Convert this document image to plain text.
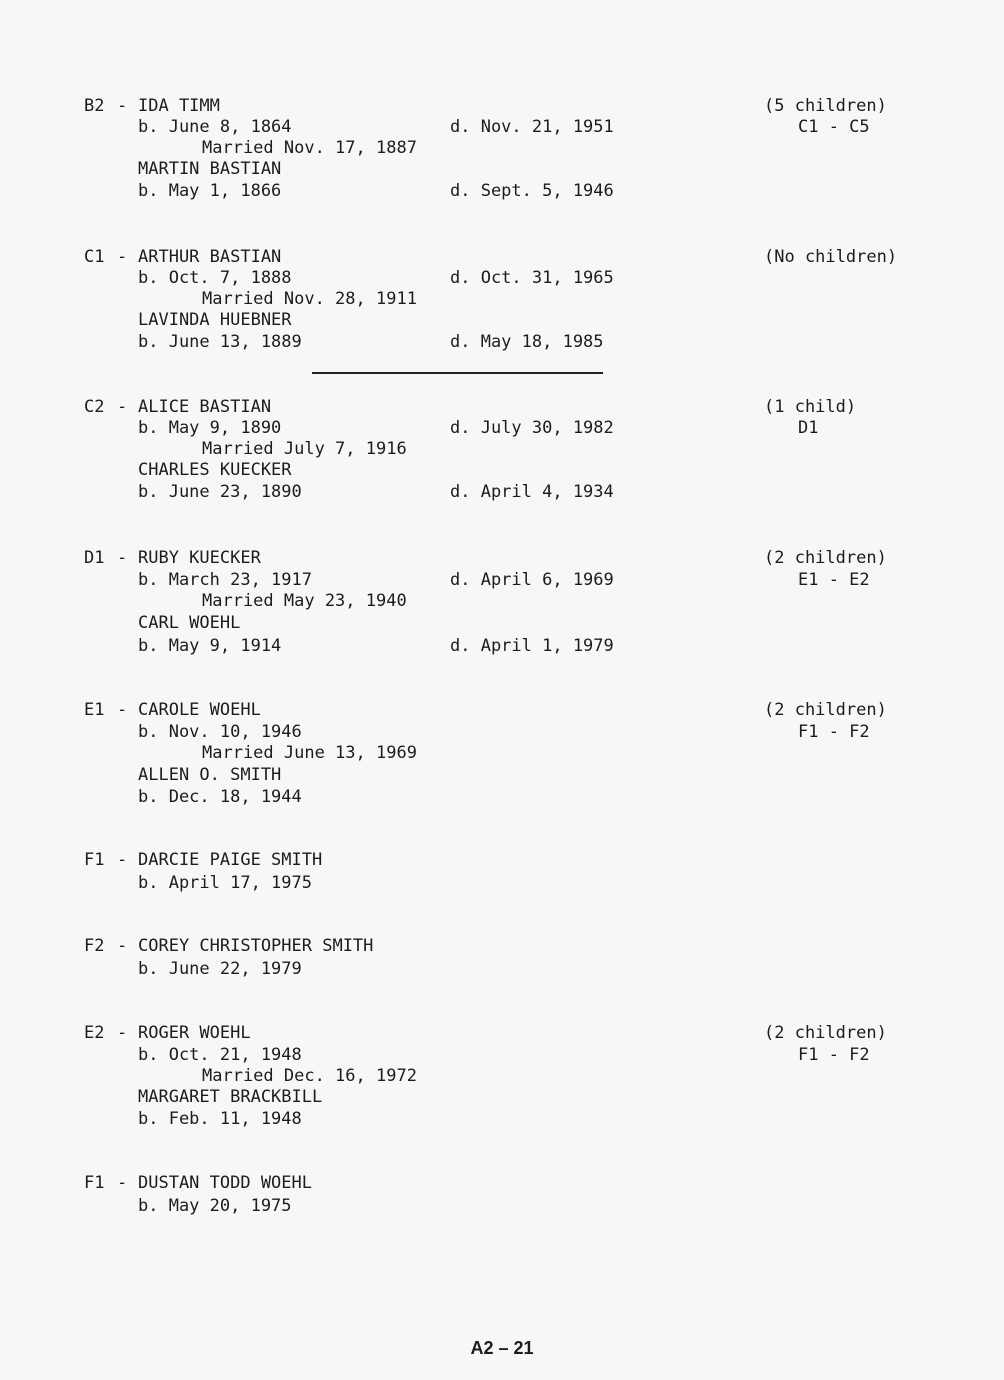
B2 - IDA TIMM	(5 children)
b. June 8, 1864	d. Nov. 21, 1951	C1 - C5
Married Nov. 17, 1887
MARTIN BASTIAN
b. May 1, 1866	d. Sept. 5, 1946
C1 - ARTHUR BASTIAN	(No children)
b. Oct. 7, 1888	d. Oct. 31, 1965
Married Nov. 28, 1911
LAVINDA HUEBNER
b. June 13, 1889	d. May 18, 1985
C2 - ALICE BASTIAN	(1 child)
b. May 9, 1890	d. July 30, 1982	D1
Married July 7, 1916
CHARLES KUECKER
b. June 23, 1890	d. April 4, 1934
D1 - RUBY KUECKER	(2 children)
b. March 23, 1917	d. April 6, 1969	E1 - E2
Married May 23, 1940
CARL WOEHL
b. May 9, 1914	d. April 1, 1979
E1 - CAROLE WOEHL	(2 children)
b. Nov. 10, 1946	F1 - F2
Married June 13, 1969
ALLEN O. SMITH
b. Dec. 18, 1944
F1 - DARCIE PAIGE SMITH
b. April 17, 1975
F2 - COREY CHRISTOPHER SMITH
b. June 22, 1979
E2 - ROGER WOEHL	(2 children)
b. Oct. 21, 1948	F1 - F2
Married Dec. 16, 1972
MARGARET BRACKBILL
b. Feb. 11, 1948
F1 - DUSTAN TODD WOEHL
b. May 20, 1975
A2 – 21
